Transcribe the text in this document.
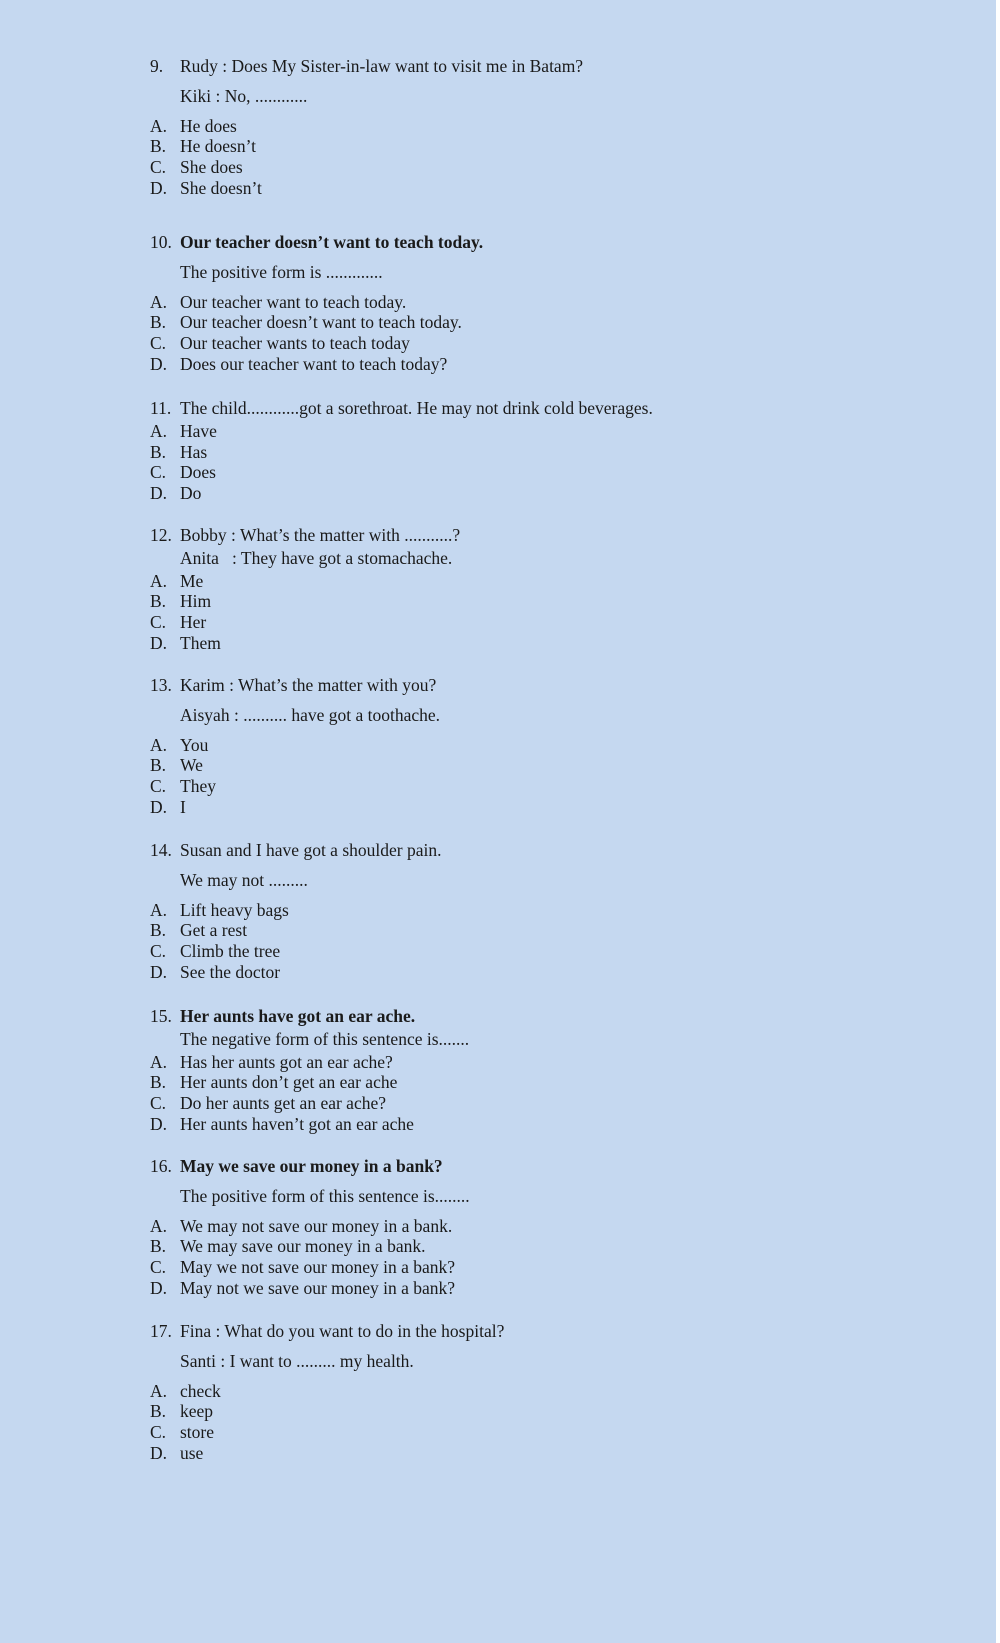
9. Rudy : Does My Sister-in-law want to visit me in Batam?
Kiki : No, ............
A. He does
B. He doesn’t
C. She does
D. She doesn’t
10. Our teacher doesn’t want to teach today.
The positive form is .............
A. Our teacher want to teach today.
B. Our teacher doesn’t want to teach today.
C. Our teacher wants to teach today
D. Does our teacher want to teach today?
11. The child............got a sorethroat. He may not drink cold beverages.
A. Have
B. Has
C. Does
D. Do
12. Bobby : What’s the matter with ...........?
Anita   : They have got a stomachache.
A. Me
B. Him
C. Her
D. Them
13. Karim : What’s the matter with you?
Aisyah : .......... have got a toothache.
A. You
B. We
C. They
D. I
14. Susan and I have got a shoulder pain.
We may not .........
A. Lift heavy bags
B. Get a rest
C. Climb the tree
D. See the doctor
15. Her aunts have got an ear ache.
The negative form of this sentence is.......
A. Has her aunts got an ear ache?
B. Her aunts don’t get an ear ache
C. Do her aunts get an ear ache?
D. Her aunts haven’t got an ear ache
16. May we save our money in a bank?
The positive form of this sentence is........
A. We may not save our money in a bank.
B. We may save our money in a bank.
C. May we not save our money in a bank?
D. May not we save our money in a bank?
17. Fina : What do you want to do in the hospital?
Santi : I want to ......... my health.
A. check
B. keep
C. store
D. use
